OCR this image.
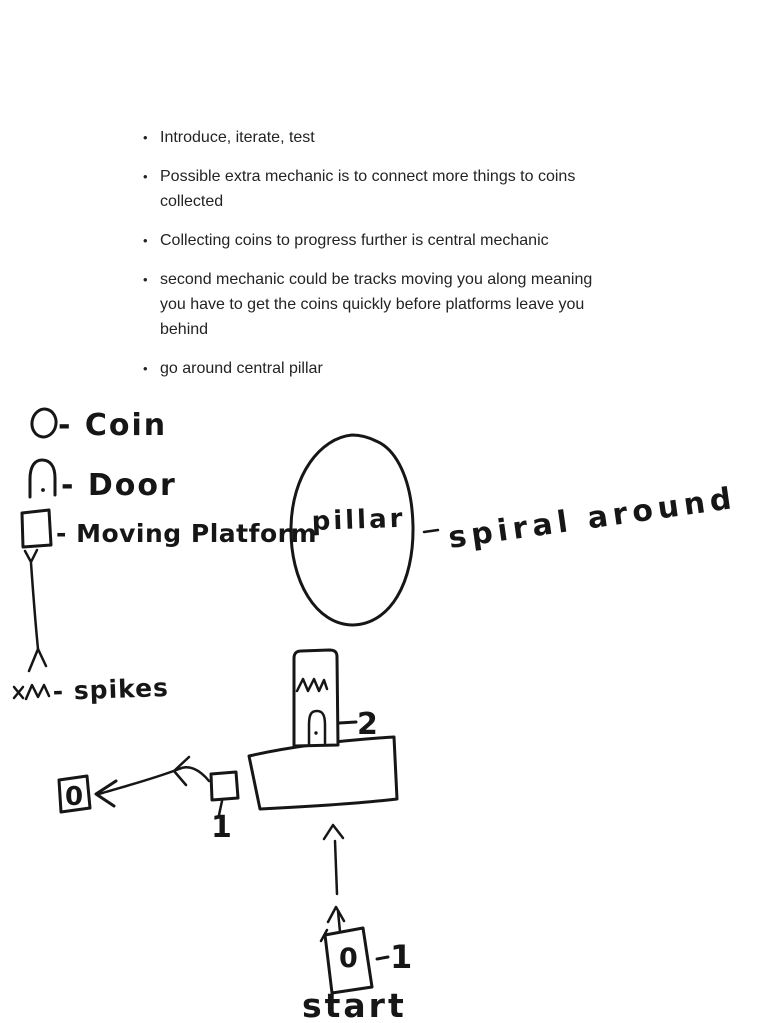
• Introduce, iterate, test
• Possible extra mechanic is to connect more things to coins
collected
• Collecting coins to progress further is central mechanic
• second mechanic could be tracks moving you along meaning
you have to get the coins quickly before platforms leave you
behind
• go around central pillar
- Coin
- Door
- Moving Platform
- spikes
pillar spiral around
2
0
1
0 1
start
